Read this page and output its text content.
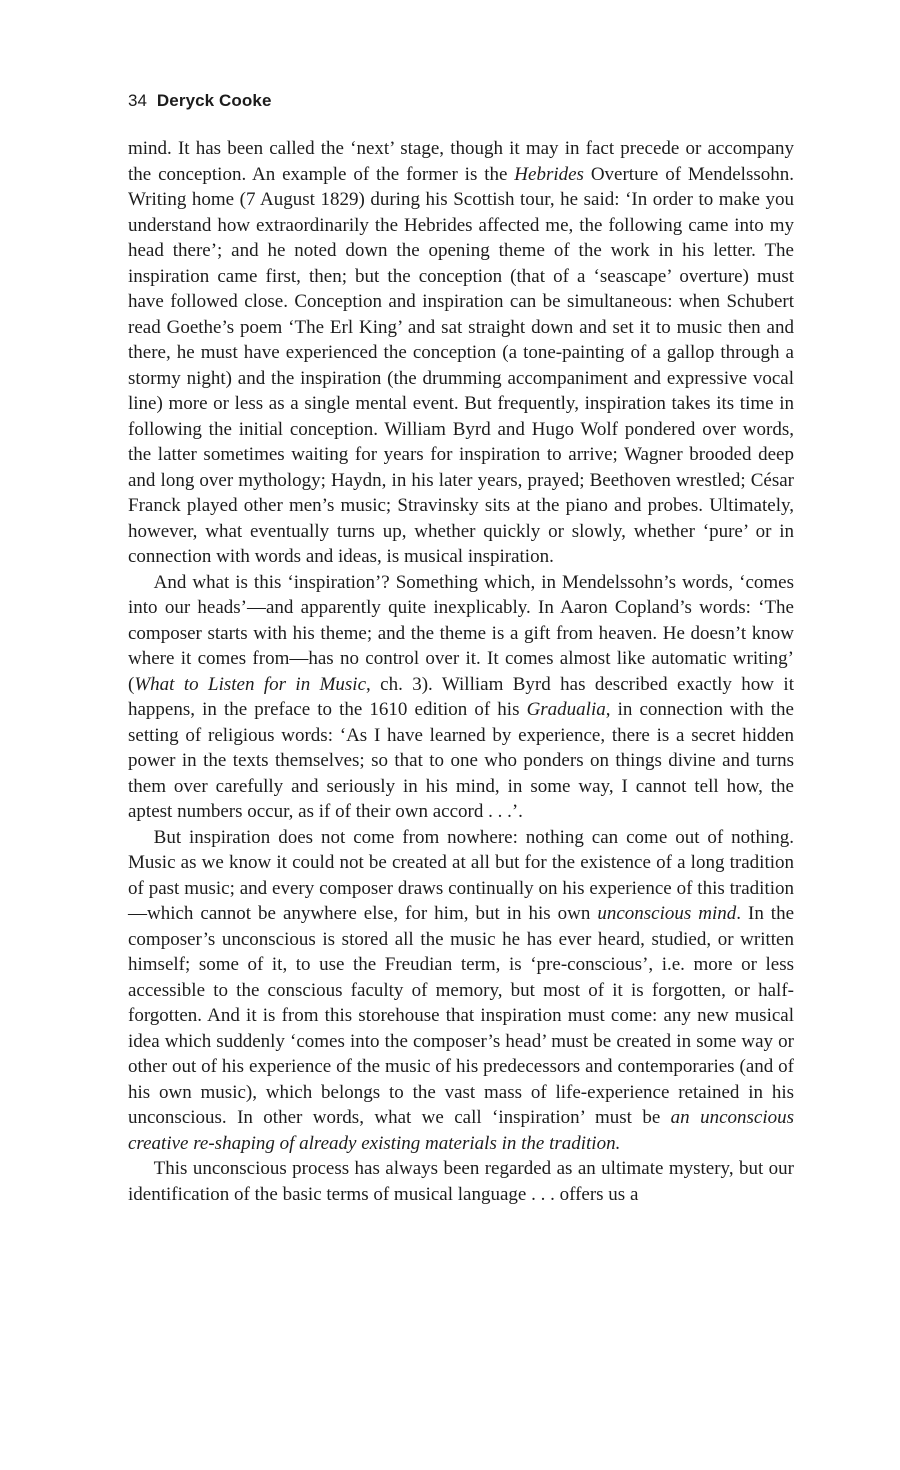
34 Deryck Cooke

mind. It has been called the ‘next’ stage, though it may in fact precede or accompany the conception. An example of the former is the Hebrides Overture of Mendelssohn. Writing home (7 August 1829) during his Scottish tour, he said: ‘In order to make you understand how extraordinarily the Hebrides affected me, the following came into my head there’; and he noted down the opening theme of the work in his letter. The inspiration came first, then; but the conception (that of a ‘seascape’ overture) must have followed close. Conception and inspiration can be simultaneous: when Schubert read Goethe’s poem ‘The Erl King’ and sat straight down and set it to music then and there, he must have experienced the conception (a tone-painting of a gallop through a stormy night) and the inspiration (the drumming accompaniment and expressive vocal line) more or less as a single mental event. But frequently, inspiration takes its time in following the initial conception. William Byrd and Hugo Wolf pondered over words, the latter sometimes waiting for years for inspiration to arrive; Wagner brooded deep and long over mythology; Haydn, in his later years, prayed; Beethoven wrestled; César Franck played other men’s music; Stravinsky sits at the piano and probes. Ultimately, however, what eventually turns up, whether quickly or slowly, whether ‘pure’ or in connection with words and ideas, is musical inspiration.

And what is this ‘inspiration’? Something which, in Mendelssohn’s words, ‘comes into our heads’—and apparently quite inexplicably. In Aaron Copland’s words: ‘The composer starts with his theme; and the theme is a gift from heaven. He doesn’t know where it comes from—has no control over it. It comes almost like automatic writing’ (What to Listen for in Music, ch. 3). William Byrd has described exactly how it happens, in the preface to the 1610 edition of his Gradualia, in connection with the setting of religious words: ‘As I have learned by experience, there is a secret hidden power in the texts themselves; so that to one who ponders on things divine and turns them over carefully and seriously in his mind, in some way, I cannot tell how, the aptest numbers occur, as if of their own accord . . .’.

But inspiration does not come from nowhere: nothing can come out of nothing. Music as we know it could not be created at all but for the existence of a long tradition of past music; and every composer draws continually on his experience of this tradition—which cannot be anywhere else, for him, but in his own unconscious mind. In the composer’s unconscious is stored all the music he has ever heard, studied, or written himself; some of it, to use the Freudian term, is ‘pre-conscious’, i.e. more or less accessible to the conscious faculty of memory, but most of it is forgotten, or half-forgotten. And it is from this storehouse that inspiration must come: any new musical idea which suddenly ‘comes into the composer’s head’ must be created in some way or other out of his experience of the music of his predecessors and contemporaries (and of his own music), which belongs to the vast mass of life-experience retained in his unconscious. In other words, what we call ‘inspiration’ must be an unconscious creative re-shaping of already existing materials in the tradition.

This unconscious process has always been regarded as an ultimate mystery, but our identification of the basic terms of musical language . . . offers us a
